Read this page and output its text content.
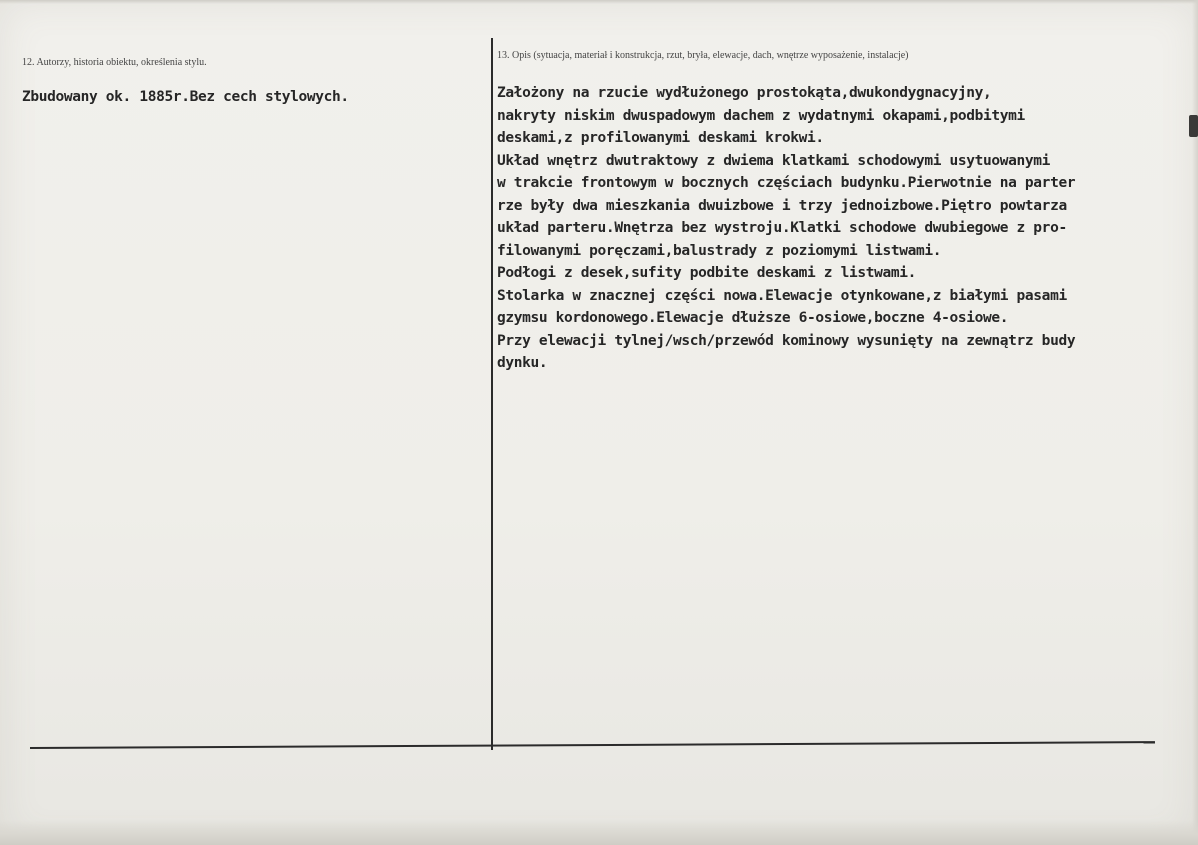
12. Autorzy, historia obiektu, określenia stylu.
Zbudowany ok. 1885r.Bez cech stylowych.
13. Opis (sytuacja, materiał i konstrukcja, rzut, bryła, elewacje, dach, wnętrze wyposażenie, instalacje)
Założony na rzucie wydłużonego prostokąta,dwukondygnacyjny,
nakryty niskim dwuspadowym dachem z wydatnymi okapami,podbitymi
deskami,z profilowanymi deskami krokwi.
Układ wnętrz dwutraktowy z dwiema klatkami schodowymi usytuowanymi
w trakcie frontowym w bocznych częściach budynku.Pierwotnie na parter
rze były dwa mieszkania dwuizbowe i trzy jednoizbowe.Piętro powtarza
układ parteru.Wnętrza bez wystroju.Klatki schodowe dwubiegowe z pro-
filowanymi poręczami,balustrady z poziomymi listwami.
Podłogi z desek,sufity podbite deskami z listwami.
Stolarka w znacznej części nowa.Elewacje otynkowane,z białymi pasami
gzymsu kordonowego.Elewacje dłuższe 6-osiowe,boczne 4-osiowe.
Przy elewacji tylnej/wsch/przewód kominowy wysunięty na zewnątrz budy
dynku.
